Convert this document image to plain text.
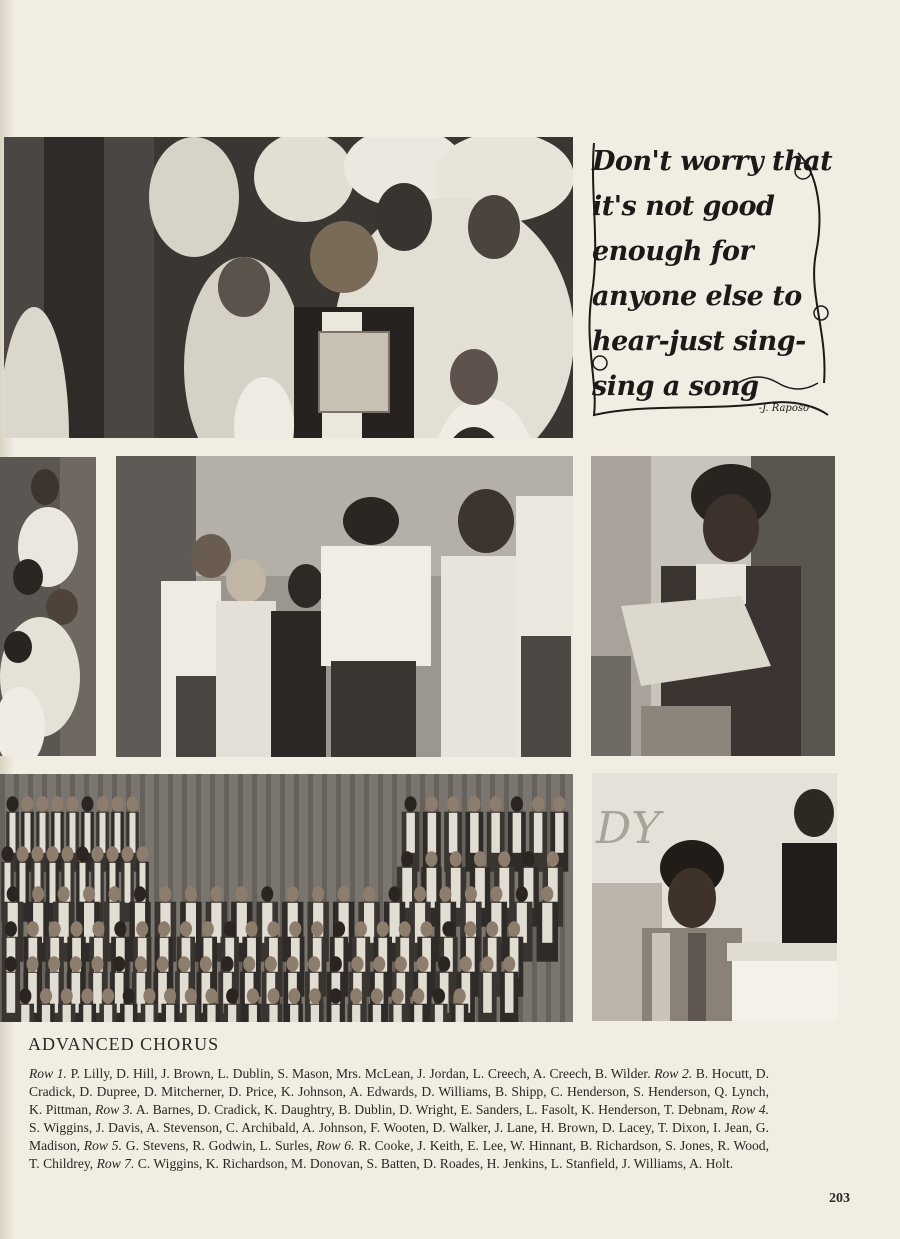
Don't worry that
it's not good
enough for
anyone else to
hear-just sing-
sing a song
-J. Raposo
DY
ADVANCED CHORUS
Row 1. P. Lilly, D. Hill, J. Brown, L. Dublin, S. Mason, Mrs. McLean, J. Jordan, L. Creech, A. Creech, B. Wilder. Row 2. B. Hocutt, D. Cradick, D. Dupree, D. Mitcherner, D. Price, K. Johnson, A. Edwards, D. Williams, B. Shipp, C. Henderson, S. Henderson, Q. Lynch, K. Pittman, Row 3. A. Barnes, D. Cradick, K. Daughtry, B. Dublin, D. Wright, E. Sanders, L. Fasolt, K. Henderson, T. Debnam, Row 4. S. Wiggins, J. Davis, A. Stevenson, C. Archibald, A. Johnson, F. Wooten, D. Walker, J. Lane, H. Brown, D. Lacey, T. Dixon, I. Jean, G. Madison, Row 5. G. Stevens, R. Godwin, L. Surles, Row 6. R. Cooke, J. Keith, E. Lee, W. Hinnant, B. Richardson, S. Jones, R. Wood, T. Childrey, Row 7. C. Wiggins, K. Richardson, M. Donovan, S. Batten, D. Roades, H. Jenkins, L. Stanfield, J. Williams, A. Holt.
203
